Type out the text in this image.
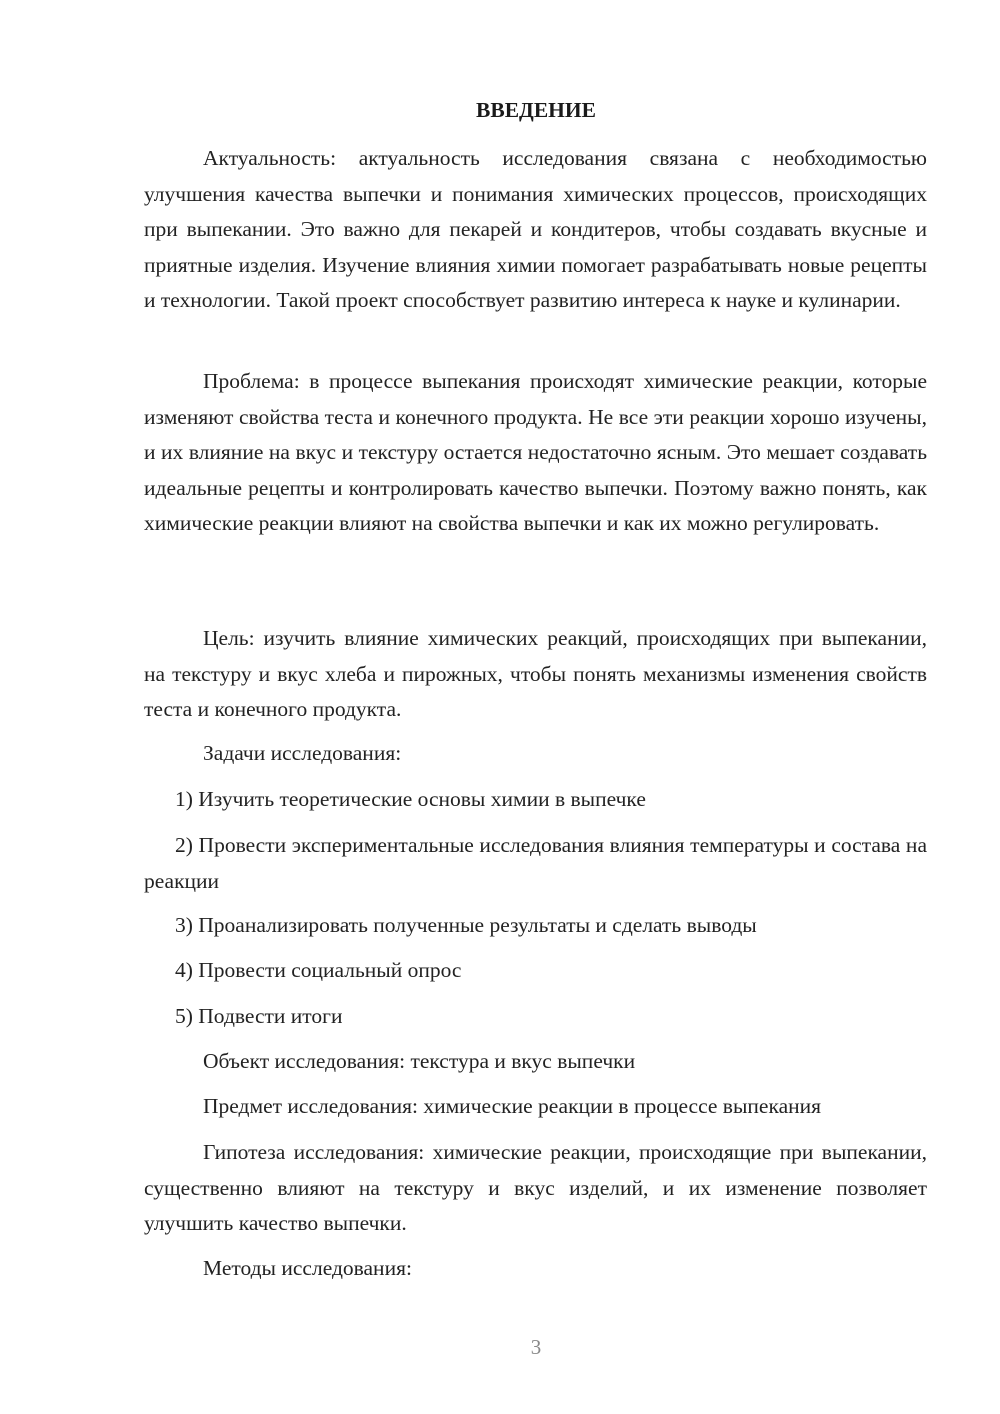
ВВЕДЕНИЕ
Актуальность: актуальность исследования связана с необходимостью улучшения качества выпечки и понимания химических процессов, происходящих при выпекании. Это важно для пекарей и кондитеров, чтобы создавать вкусные и приятные изделия. Изучение влияния химии помогает разрабатывать новые рецепты и технологии. Такой проект способствует развитию интереса к науке и кулинарии.
Проблема: в процессе выпекания происходят химические реакции, которые изменяют свойства теста и конечного продукта. Не все эти реакции хорошо изучены, и их влияние на вкус и текстуру остается недостаточно ясным. Это мешает создавать идеальные рецепты и контролировать качество выпечки. Поэтому важно понять, как химические реакции влияют на свойства выпечки и как их можно регулировать.
Цель: изучить влияние химических реакций, происходящих при выпекании, на текстуру и вкус хлеба и пирожных, чтобы понять механизмы изменения свойств теста и конечного продукта.
Задачи исследования:
1) Изучить теоретические основы химии в выпечке
2) Провести экспериментальные исследования влияния температуры и состава на реакции
3) Проанализировать полученные результаты и сделать выводы
4) Провести социальный опрос
5) Подвести итоги
Объект исследования: текстура и вкус выпечки
Предмет исследования: химические реакции в процессе выпекания
Гипотеза исследования: химические реакции, происходящие при выпекании, существенно влияют на текстуру и вкус изделий, и их изменение позволяет улучшить качество выпечки.
Методы исследования:
3
